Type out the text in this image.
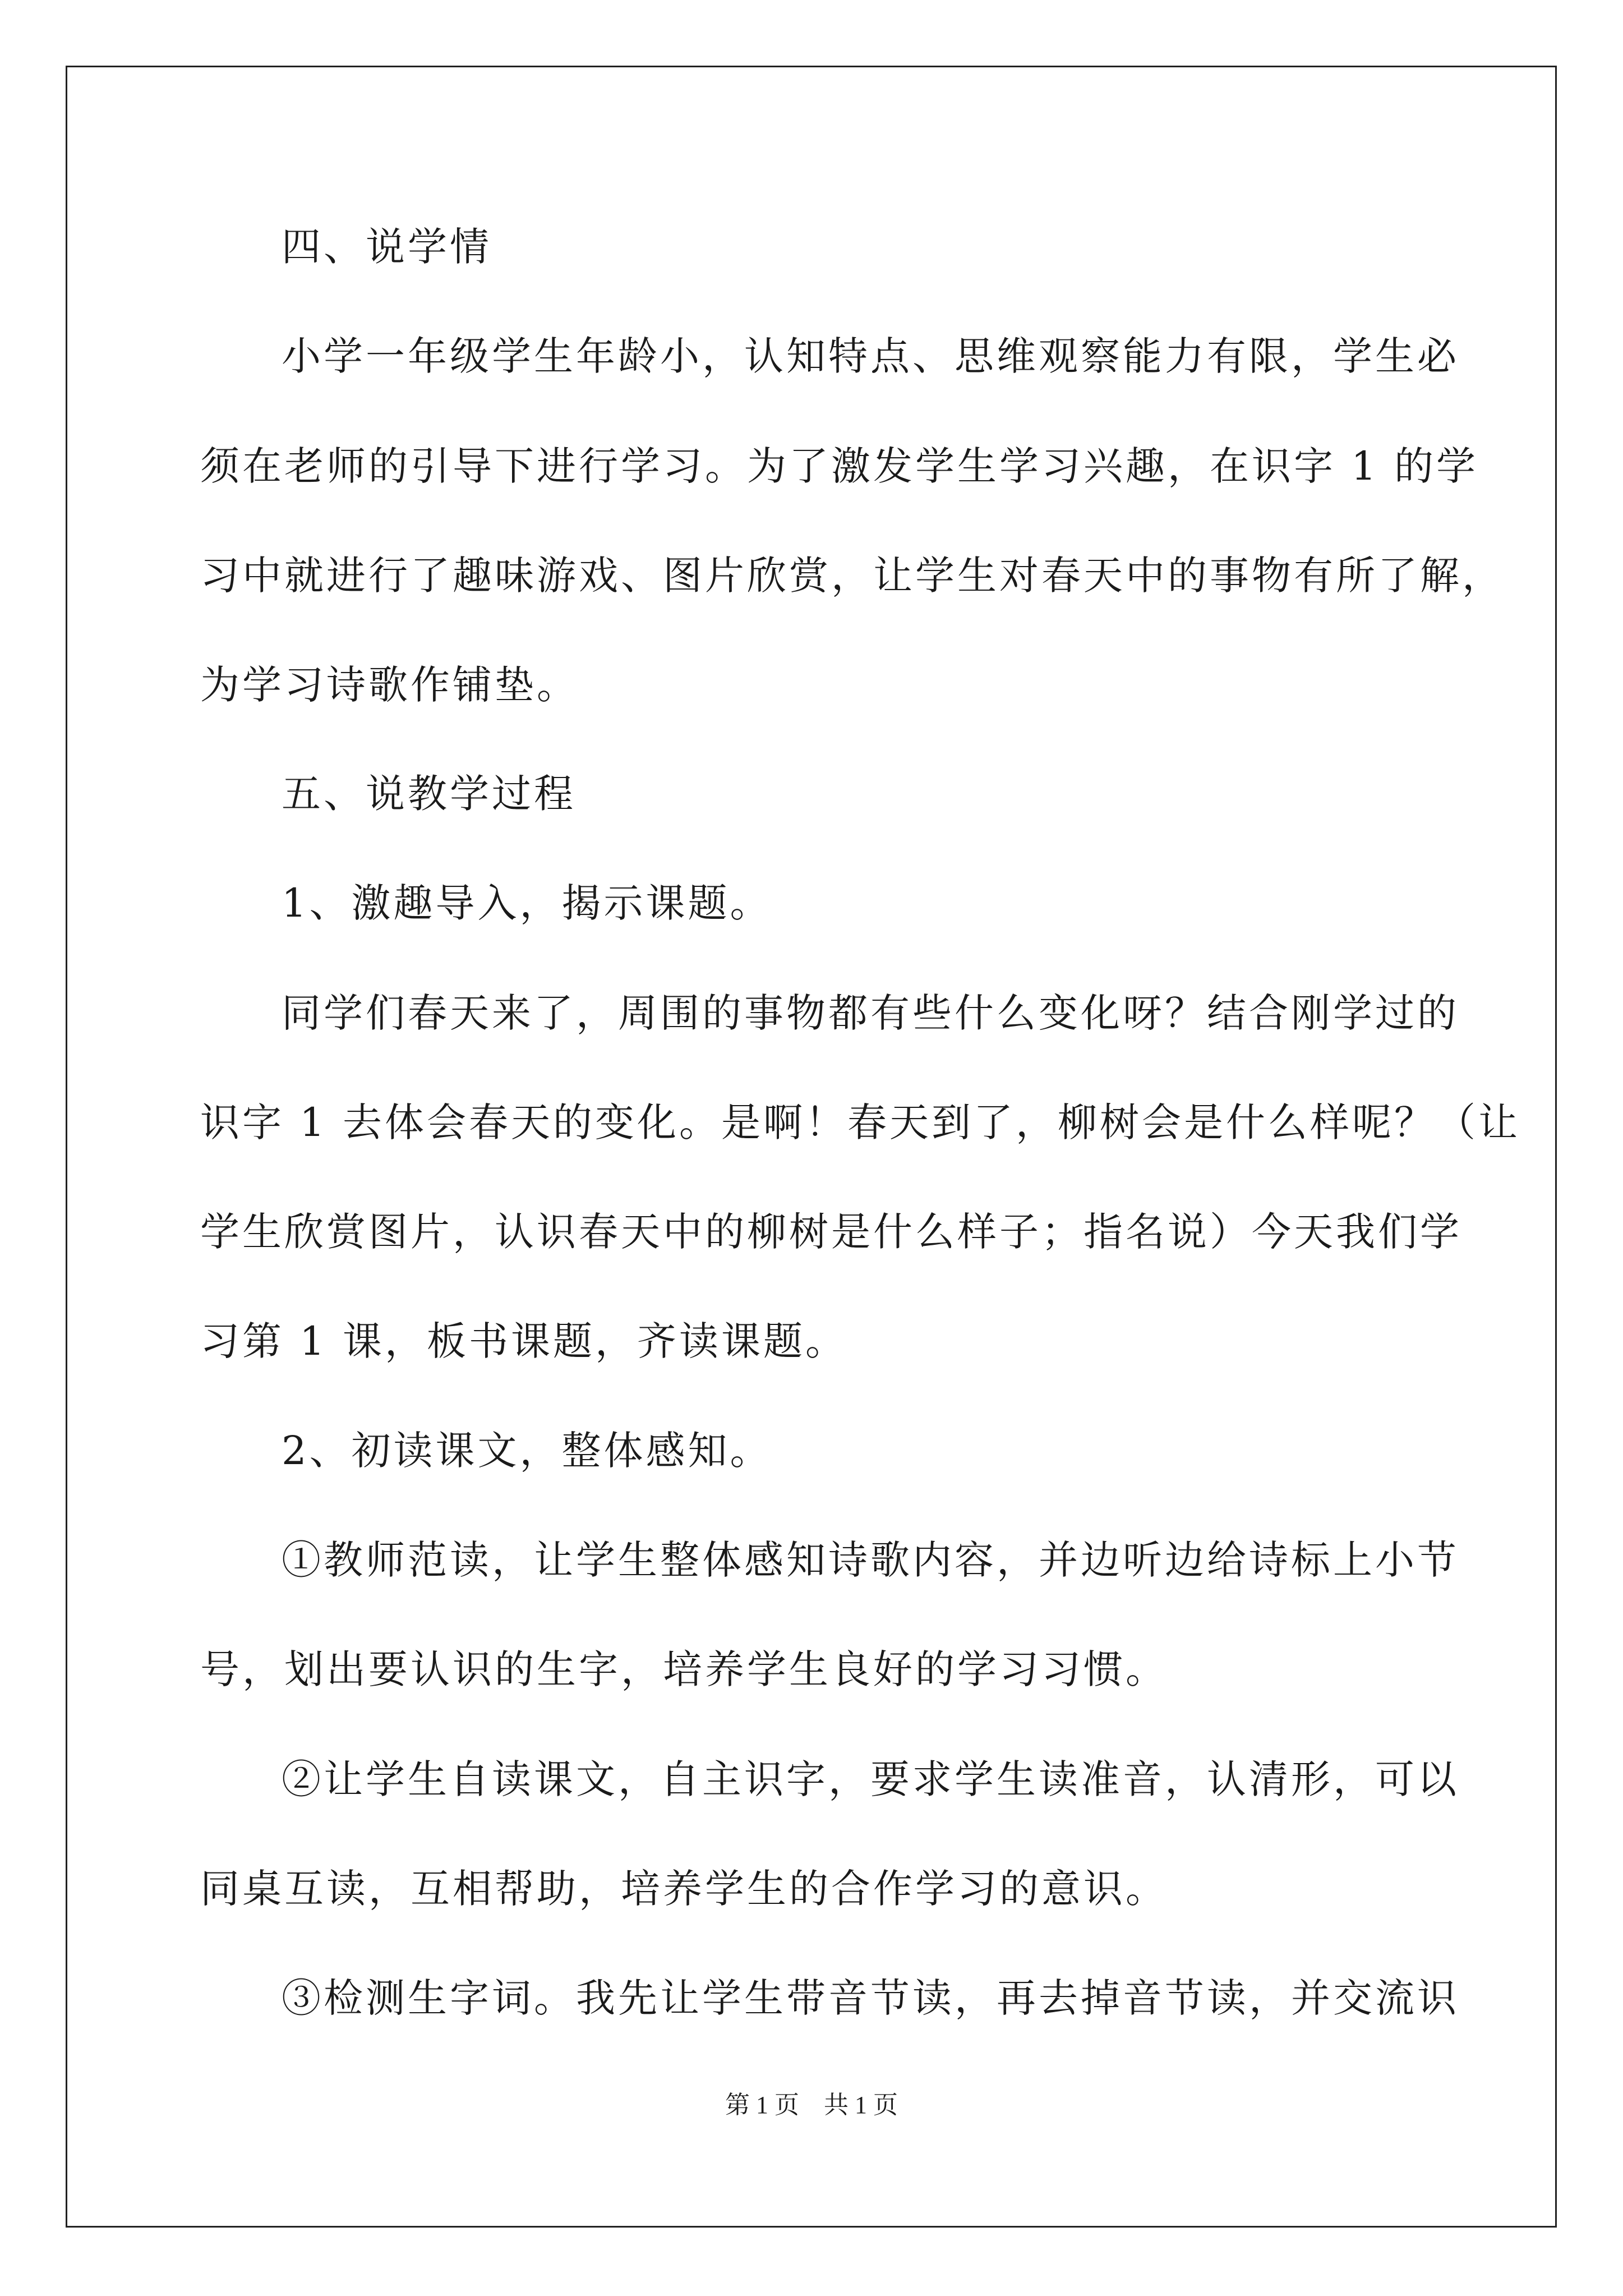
四、说学情
小学一年级学生年龄小，认知特点、思维观察能力有限，学生必
须在老师的引导下进行学习。为了激发学生学习兴趣，在识字 1 的学
习中就进行了趣味游戏、图片欣赏，让学生对春天中的事物有所了解，
为学习诗歌作铺垫。
五、说教学过程
1、激趣导入，揭示课题。
同学们春天来了，周围的事物都有些什么变化呀？结合刚学过的
识字 1 去体会春天的变化。是啊！春天到了，柳树会是什么样呢？（让
学生欣赏图片，认识春天中的柳树是什么样子；指名说）今天我们学
习第 1 课，板书课题，齐读课题。
2、初读课文，整体感知。
①教师范读，让学生整体感知诗歌内容，并边听边给诗标上小节
号，划出要认识的生字，培养学生良好的学习习惯。
②让学生自读课文，自主识字，要求学生读准音，认清形，可以
同桌互读，互相帮助，培养学生的合作学习的意识。
③检测生字词。我先让学生带音节读，再去掉音节读，并交流识
第 1 页 共 1 页
